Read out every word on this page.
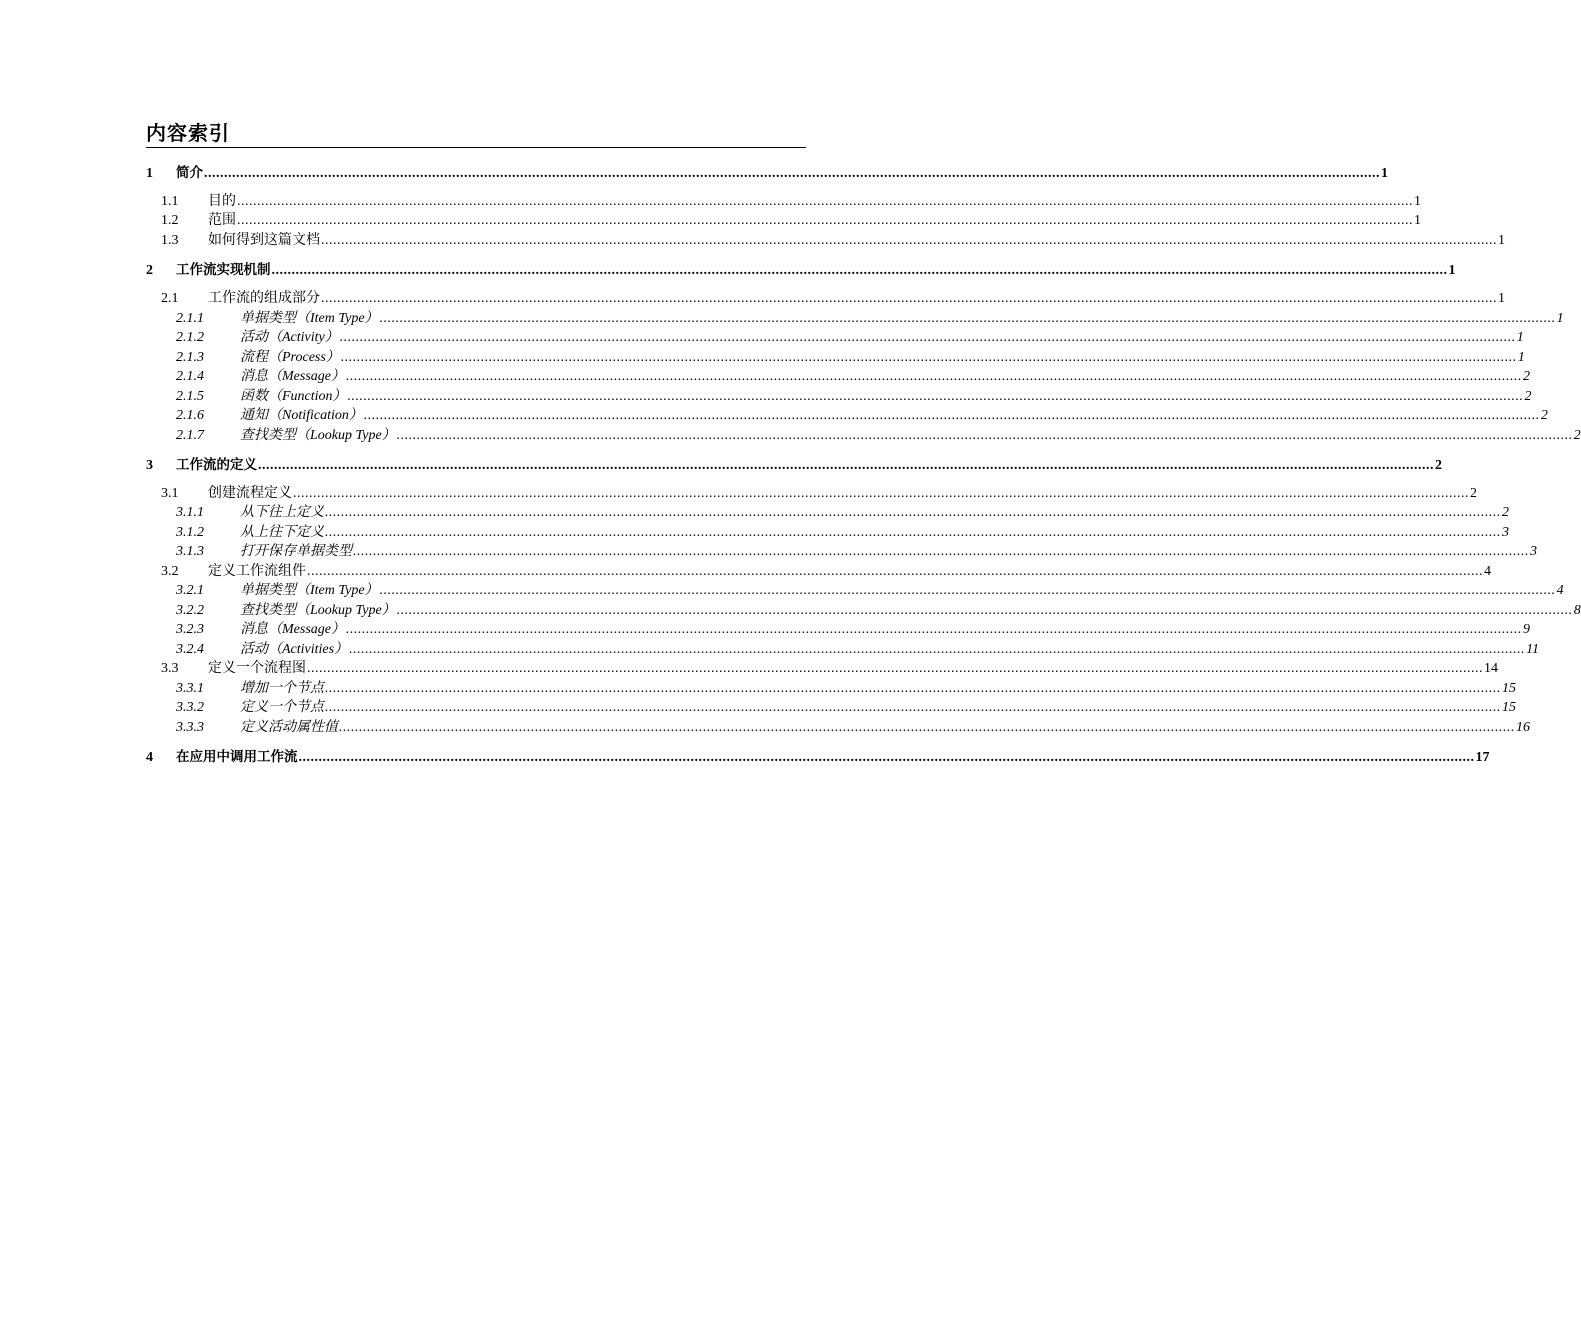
内容索引
1	简介 ...................................................................................................................................................................................................................................................................................................... 1
1.1	目的 ...................................................................................................................................................................................................................................................................................................... 1
1.2	范围 ...................................................................................................................................................................................................................................................................................................... 1
1.3	如何得到这篇文档 ...................................................................................................................................................................................................................................................................................................... 1
2	工作流实现机制 ...................................................................................................................................................................................................................................................................................................... 1
2.1	工作流的组成部分 ...................................................................................................................................................................................................................................................................................................... 1
2.1.1	单据类型（Item Type） ...................................................................................................................................................................................................................................................................................................... 1
2.1.2	活动（Activity） ...................................................................................................................................................................................................................................................................................................... 1
2.1.3	流程（Process） ...................................................................................................................................................................................................................................................................................................... 1
2.1.4	消息（Message） ...................................................................................................................................................................................................................................................................................................... 2
2.1.5	函数（Function） ...................................................................................................................................................................................................................................................................................................... 2
2.1.6	通知（Notification） ...................................................................................................................................................................................................................................................................................................... 2
2.1.7	查找类型（Lookup Type） ...................................................................................................................................................................................................................................................................................................... 2
3	工作流的定义 ...................................................................................................................................................................................................................................................................................................... 2
3.1	创建流程定义 ...................................................................................................................................................................................................................................................................................................... 2
3.1.1	从下往上定义 ...................................................................................................................................................................................................................................................................................................... 2
3.1.2	从上往下定义 ...................................................................................................................................................................................................................................................................................................... 3
3.1.3	打开保存单据类型 ...................................................................................................................................................................................................................................................................................................... 3
3.2	定义工作流组件 ...................................................................................................................................................................................................................................................................................................... 4
3.2.1	单据类型（Item Type） ...................................................................................................................................................................................................................................................................................................... 4
3.2.2	查找类型（Lookup Type） ...................................................................................................................................................................................................................................................................................................... 8
3.2.3	消息（Message） ...................................................................................................................................................................................................................................................................................................... 9
3.2.4	活动（Activities） ...................................................................................................................................................................................................................................................................................................... 11
3.3	定义一个流程图 ...................................................................................................................................................................................................................................................................................................... 14
3.3.1	增加一个节点 ...................................................................................................................................................................................................................................................................................................... 15
3.3.2	定义一个节点 ...................................................................................................................................................................................................................................................................................................... 15
3.3.3	定义活动属性值 ...................................................................................................................................................................................................................................................................................................... 16
4	在应用中调用工作流 ...................................................................................................................................................................................................................................................................................................... 17
